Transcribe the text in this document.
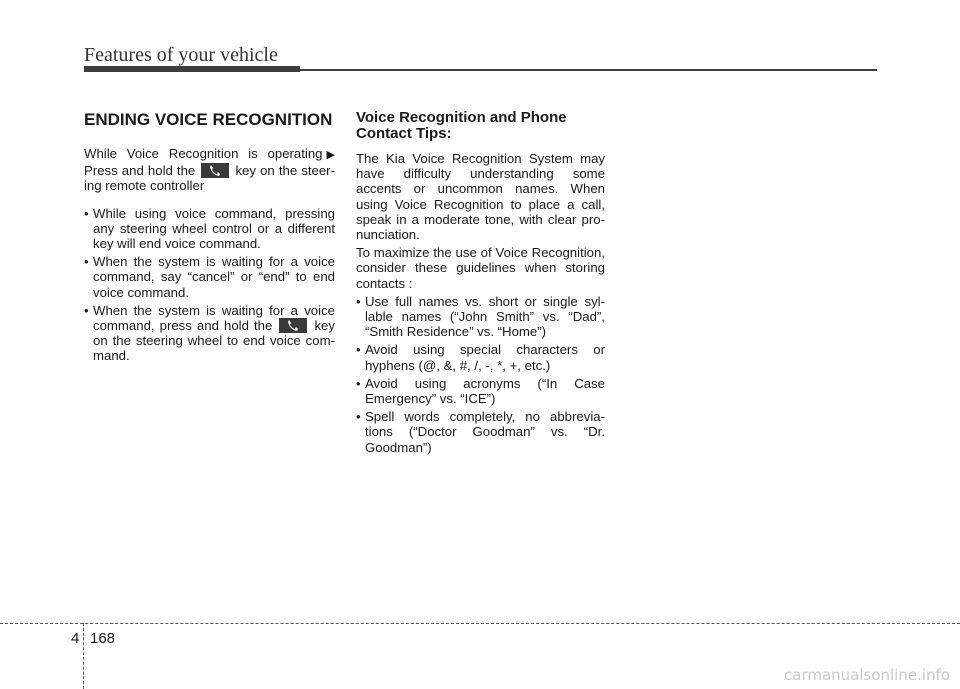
Features of your vehicle
ENDING VOICE RECOGNITION

While Voice Recognition is operating ▶

Press and hold the	key on the steer-

ing remote controller

• While using voice command, pressing any steering wheel control or a different key will end voice command.
• When the system is waiting for a voice command, say “cancel” or “end” to end voice command.
• When the system is waiting for a voice command, press and hold the	key on the steering wheel to end voice com-mand.
Voice Recognition and Phone Contact Tips:

The Kia Voice Recognition System may have difficulty understanding some accents or uncommon names. When using Voice Recognition to place a call, speak in a moderate tone, with clear pro-nunciation.

To maximize the use of Voice Recognition, consider these guidelines when storing contacts :

• Use full names vs. short or single syl-lable names (“John Smith” vs. “Dad”, “Smith Residence” vs. “Home”)
• Avoid using special characters or hyphens (@, &, #, /, -, *, +, etc.)
• Avoid using acronyms (“In Case Emergency” vs. “ICE”)
• Spell words completely, no abbrevia-tions (“Doctor Goodman” vs. “Dr. Goodman”)
4 168
carmanualsonline.info
